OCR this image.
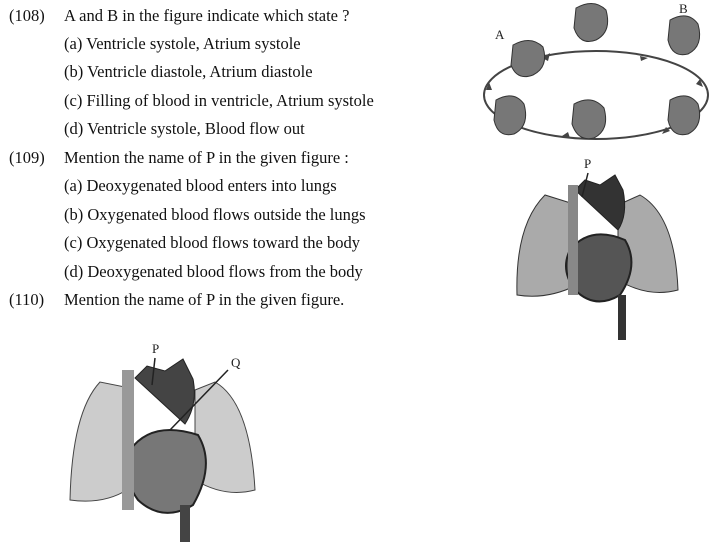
(108) A and B in the figure indicate which state ?
(a) Ventricle systole, Atrium systole
(b) Ventricle diastole, Atrium diastole
(c) Filling of blood in ventricle, Atrium systole
(d) Ventricle systole, Blood flow out
(109) Mention the name of P in the given figure :
(a) Deoxygenated blood enters into lungs
(b) Oxygenated blood flows outside the lungs
(c) Oxygenated blood flows toward the body
(d) Deoxygenated blood flows from the body
(110) Mention the name of P in the given figure.
A
B
P
P
Q
